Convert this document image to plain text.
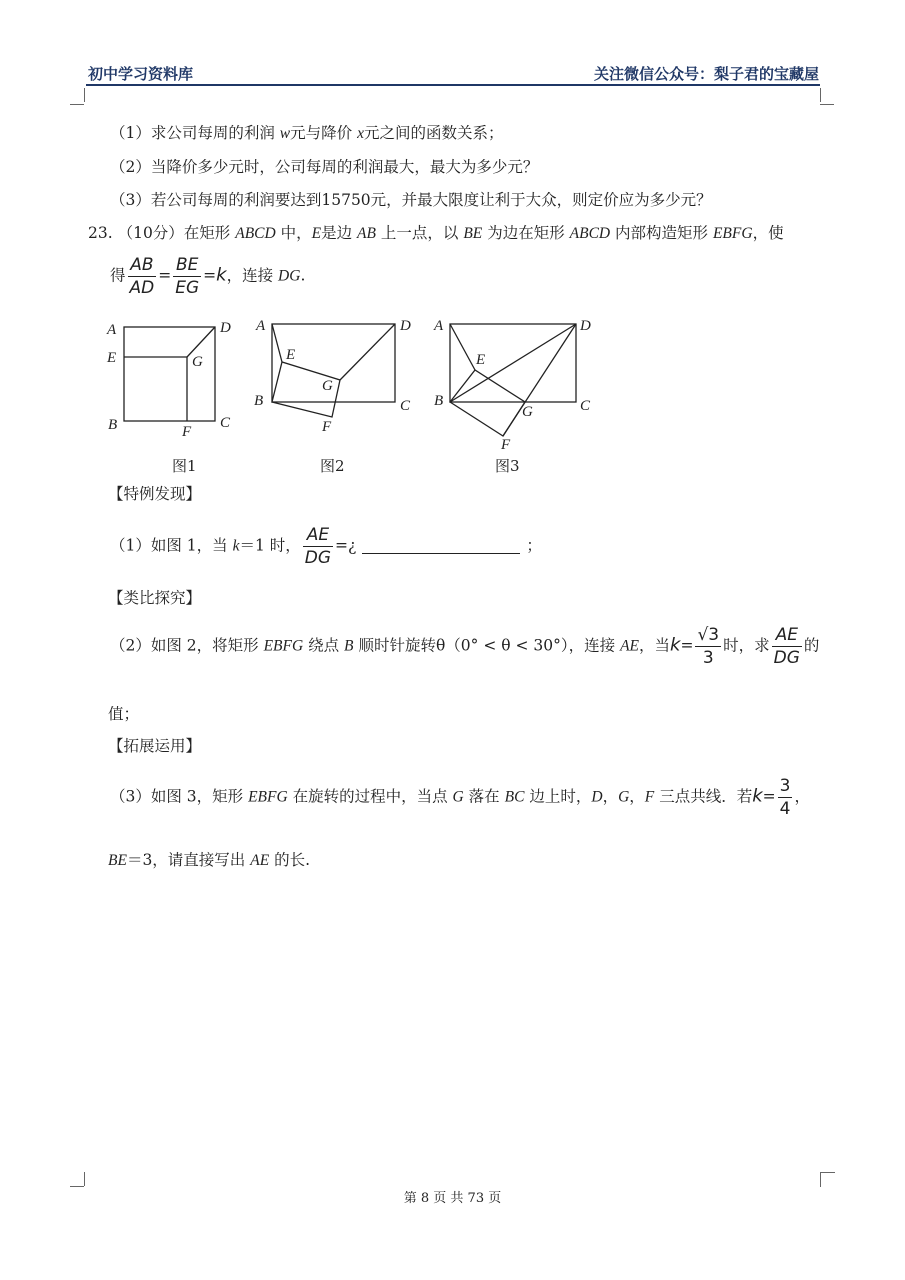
初中学习资料库	关注微信公众号：梨子君的宝藏屋
（1）求公司每周的利润 w元与降价 x元之间的函数关系；
（2）当降价多少元时，公司每周的利润最大，最大为多少元？
（3）若公司每周的利润要达到15750元，并最大限度让利于大众，则定价应为多少元？
23. （10分）在矩形 ABCD 中，E是边 AB 上一点，以 BE 为边在矩形 ABCD 内部构造矩形 EBFG，使
得 $\frac{AB}{AD} = \frac{BE}{EG} =k$，连接 DG.
A	D
E	G
B	C
F
A	D
E
G
B	C
F
A	D
E
B
G	C
F
图1	图2	图3
【特例发现】
（1）如图 1，当 k＝1 时， $\frac{AE}{DG}$ =¿	；
【类比探究】
（2）如图 2，将矩形 EBFG 绕点 B 顺时针旋转θ（0° < θ < 30°），连接 AE，当$k= \frac{√3}{3}$ 时，求 $\frac{AE}{DG}$ 的
值；
【拓展运用】
（3）如图 3，矩形 EBFG 在旋转的过程中，当点 G 落在 BC 边上时，D，G，F 三点共线．若$k= \frac{3}{4}$ ，
BE＝3，请直接写出 AE 的长.
第 8 页 共 73 页
